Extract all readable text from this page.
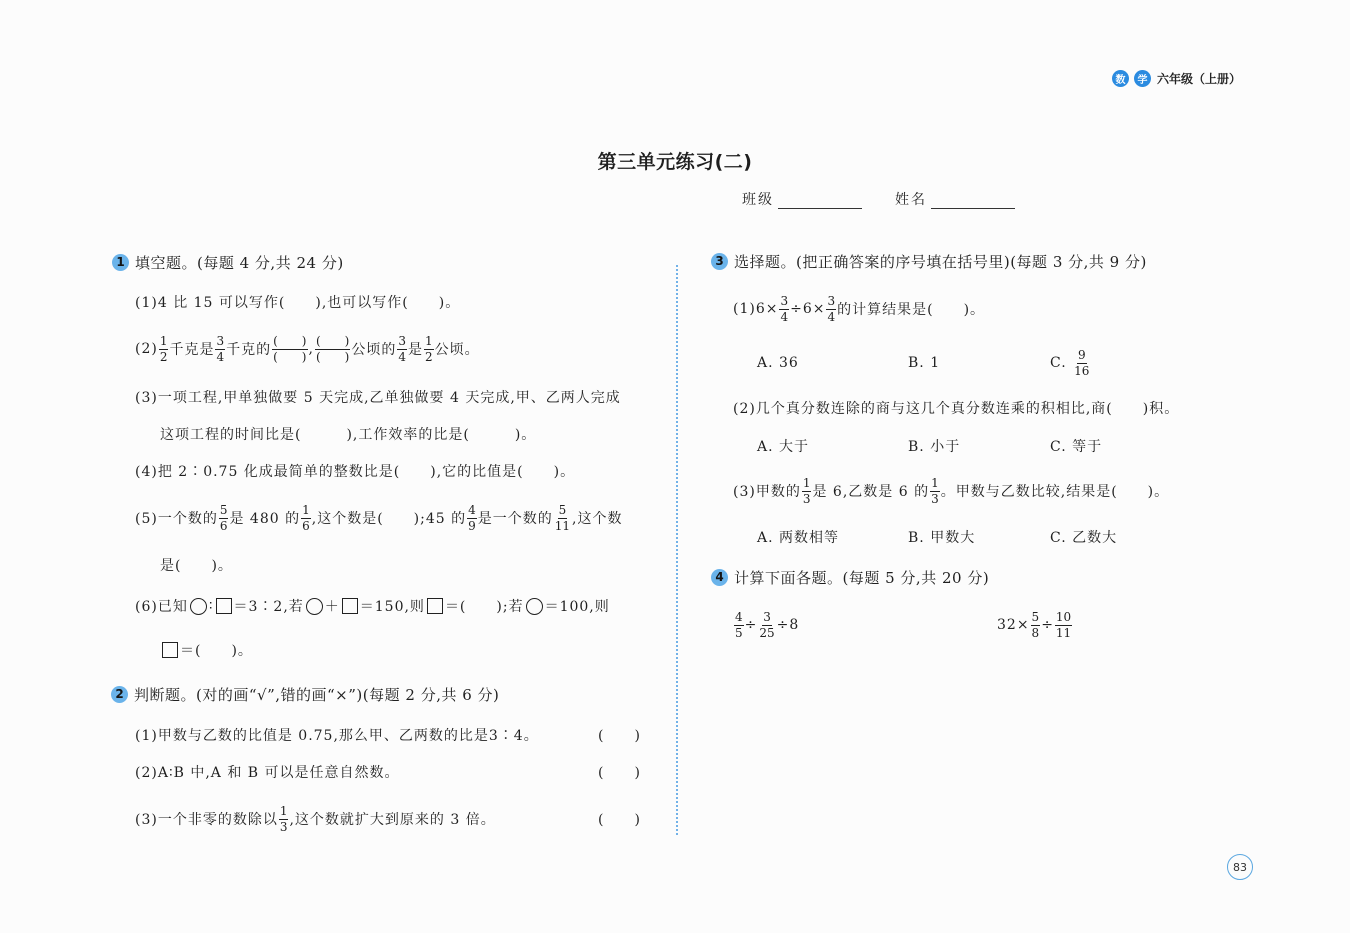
数	学 六年级（上册）
第三单元练习(二)
班级	姓名
1 填空题。(每题 4 分,共 24 分)
(1)4 比 15 可以写作(　　),也可以写作(　　)。
$(2) \frac{1}{2}$ 千克是 $\frac{3}{4}$ 千克的 $\frac{( )}{( )}$ , $\frac{( )}{( )}$ 公顷的 $\frac{3}{4}$ 是 $\frac{1}{2}$ 公顷。
(3)一项工程,甲单独做要 5 天完成,乙单独做要 4 天完成,甲、乙两人完成
这项工程的时间比是(　　　),工作效率的比是(　　　)。
(4)把 2∶0.75 化成最简单的整数比是(　　),它的比值是(　　)。
(5)一个数的 $\frac{5}{6}$ 是 480 的 $\frac{1}{6}$ ,这个数是(　　);45 的 $\frac{4}{9}$ 是一个数的 $\frac{5}{11}$ ,这个数
是(　　)。
(6)已知 ∶ ＝3∶2,若 ＋ ＝150,则 ＝(　　);若 ＝100,则
＝(　　)。
2 判断题。(对的画“√”,错的画“×”)(每题 2 分,共 6 分)
(1)甲数与乙数的比值是 0.75,那么甲、乙两数的比是3∶4。	(　　)
(2)A∶B 中,A 和 B 可以是任意自然数。	(　　)
(3)一个非零的数除以 $\frac{1}{3}$ ,这个数就扩大到原来的 3 倍。	(　　)
3 选择题。(把正确答案的序号填在括号里)(每题 3 分,共 9 分)
$(1)6\times \frac{3}{4} \div 6\times \frac{3}{4}$ 的计算结果是(　　)。
A. 36	B. 1	C. $\frac{9}{16}$
(2)几个真分数连除的商与这几个真分数连乘的积相比,商(　　)积。
A. 大于	B. 小于	C. 等于
(3)甲数的 $\frac{1}{3}$ 是 6,乙数是 6 的 $\frac{1}{3}$ 。甲数与乙数比较,结果是(　　)。
A. 两数相等	B. 甲数大	C. 乙数大
4 计算下面各题。(每题 5 分,共 20 分)
$\frac{4}{5} \div \frac{3}{25} \div 8$	$32\times \frac{5}{8} \div \frac{10}{11}$
83
